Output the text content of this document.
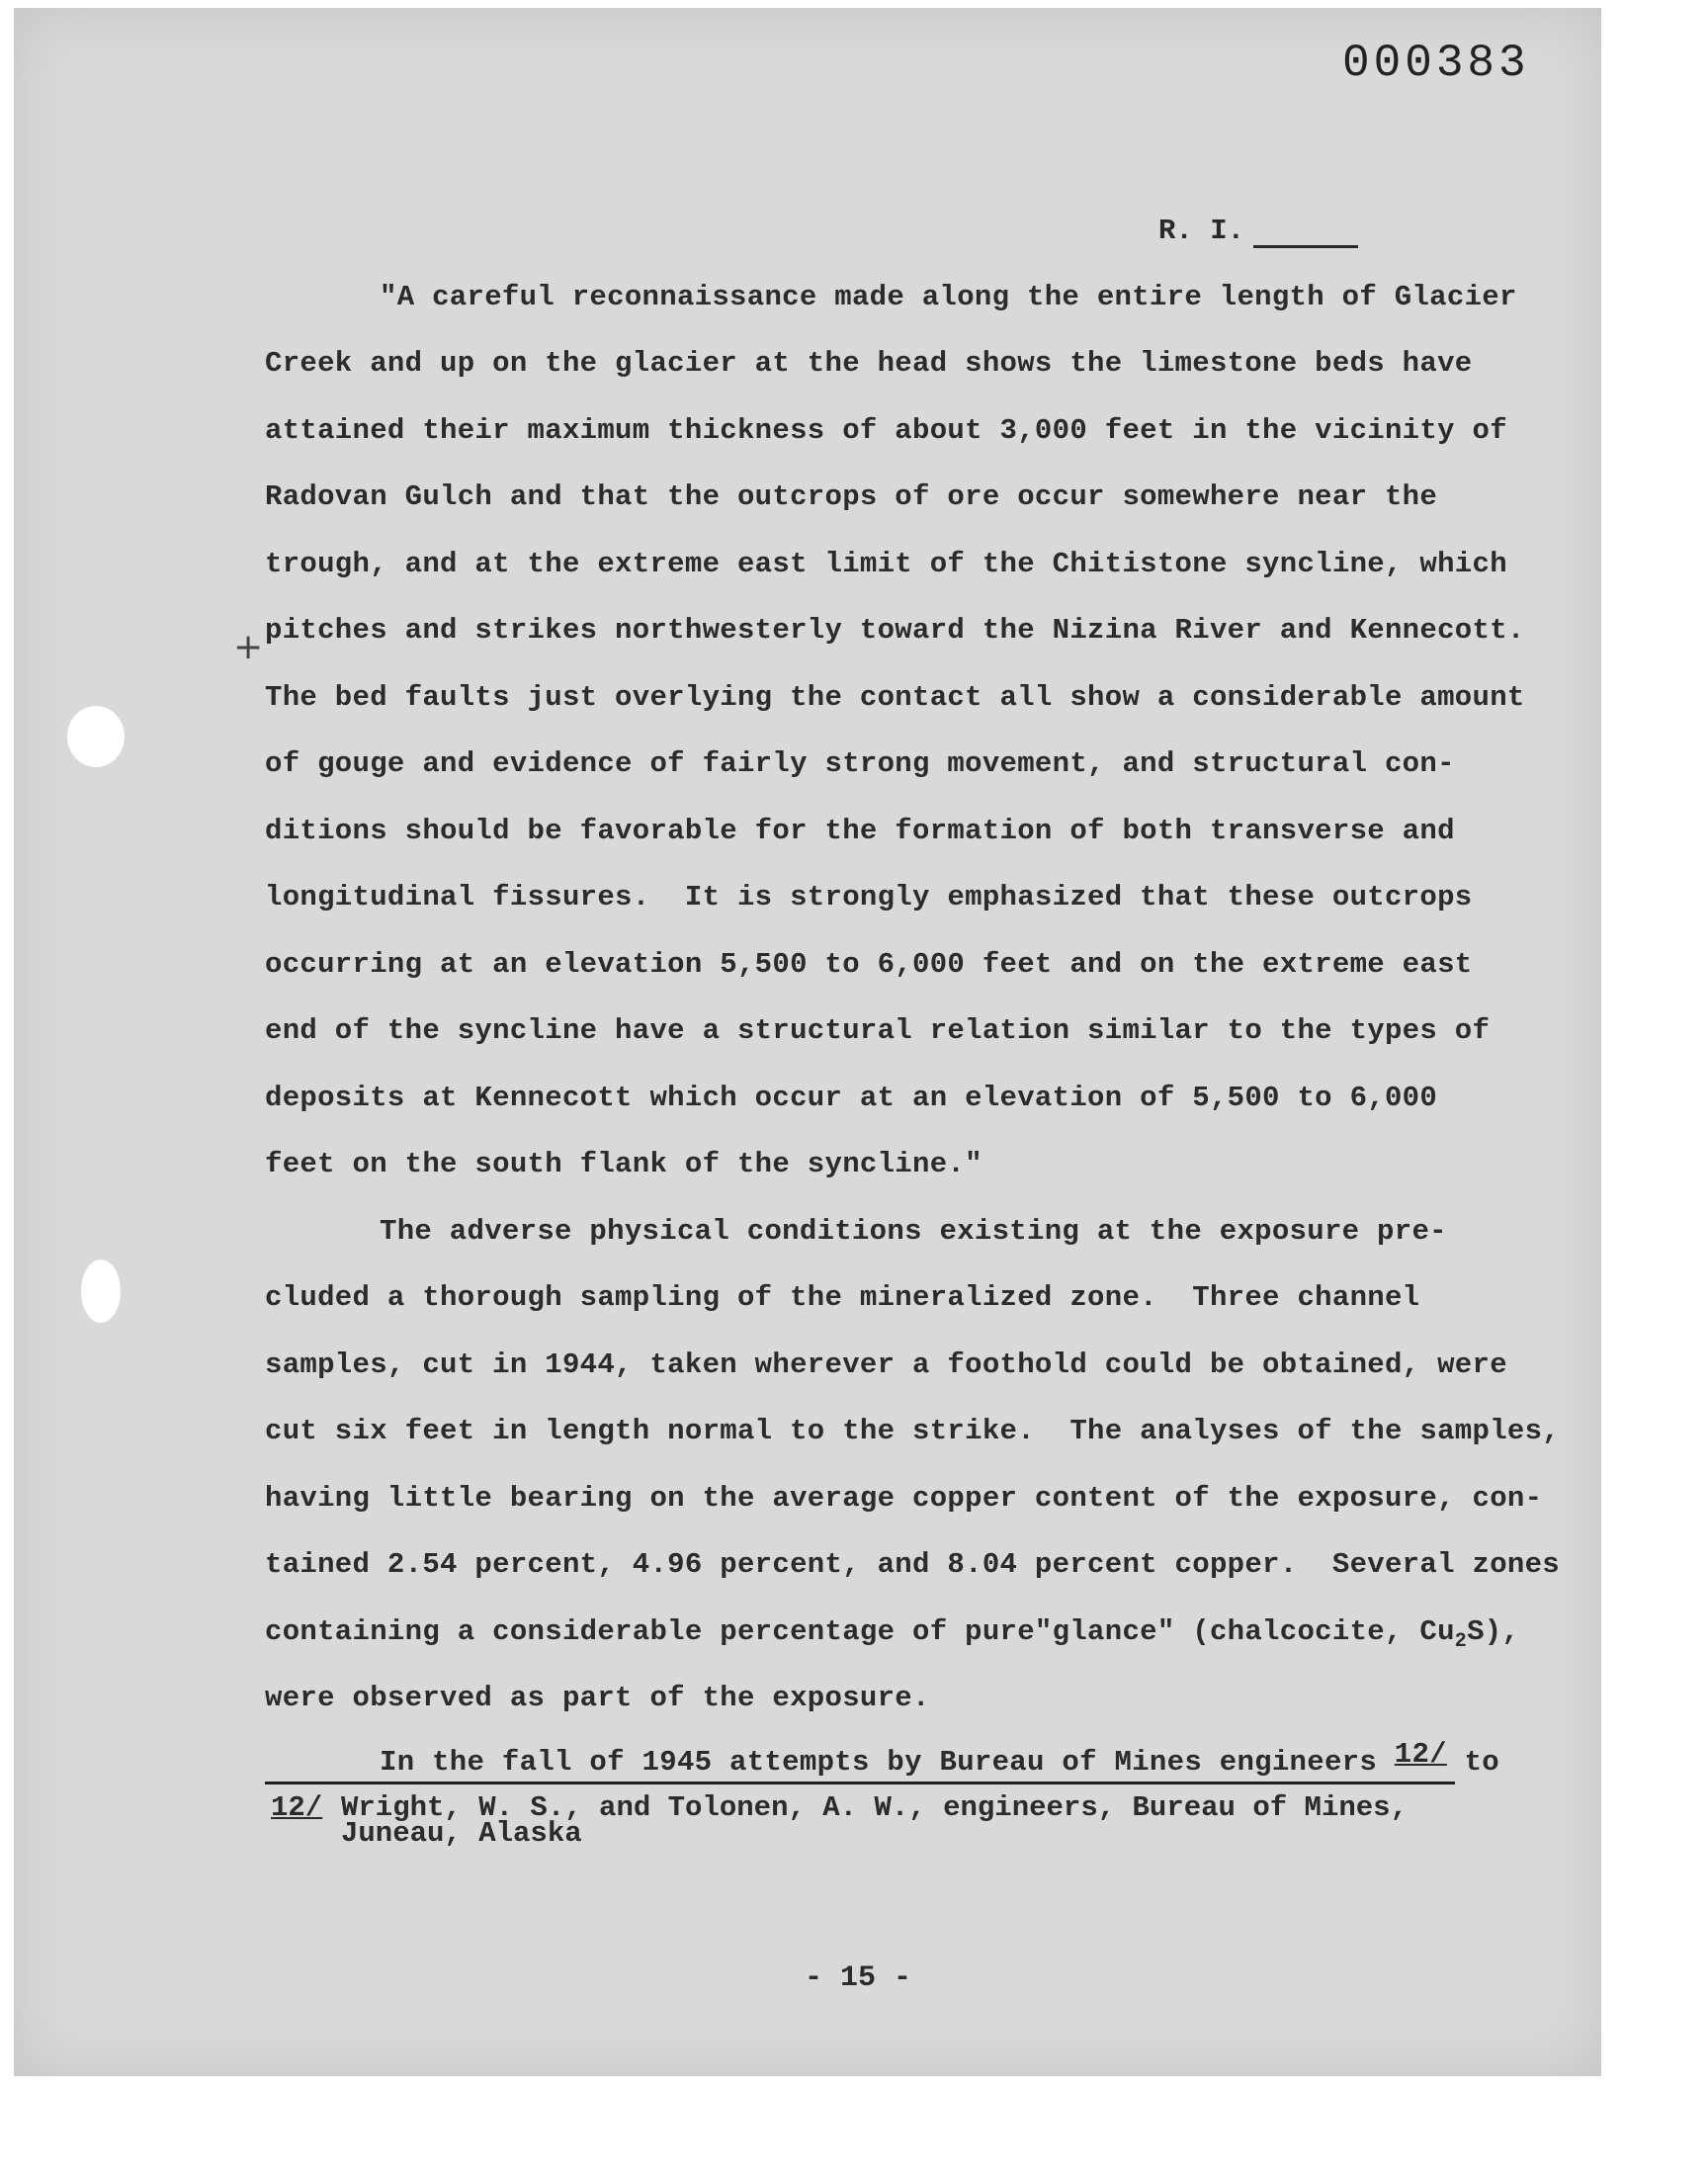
000383
R. I.
+
"A careful reconnaissance made along the entire length of Glacier
Creek and up on the glacier at the head shows the limestone beds have
attained their maximum thickness of about 3,000 feet in the vicinity of
Radovan Gulch and that the outcrops of ore occur somewhere near the
trough, and at the extreme east limit of the Chitistone syncline, which
pitches and strikes northwesterly toward the Nizina River and Kennecott.
The bed faults just overlying the contact all show a considerable amount
of gouge and evidence of fairly strong movement, and structural con-
ditions should be favorable for the formation of both transverse and
longitudinal fissures.  It is strongly emphasized that these outcrops
occurring at an elevation 5,500 to 6,000 feet and on the extreme east
end of the syncline have a structural relation similar to the types of
deposits at Kennecott which occur at an elevation of 5,500 to 6,000
feet on the south flank of the syncline."
The adverse physical conditions existing at the exposure pre-
cluded a thorough sampling of the mineralized zone.  Three channel
samples, cut in 1944, taken wherever a foothold could be obtained, were
cut six feet in length normal to the strike.  The analyses of the samples,
having little bearing on the average copper content of the exposure, con-
tained 2.54 percent, 4.96 percent, and 8.04 percent copper.  Several zones
containing a considerable percentage of pure"glance" (chalcocite, $Cu_2S$),
were observed as part of the exposure.
In the fall of 1945 attempts by Bureau of Mines engineers 12/ to
12/ Wright, W. S., and Tolonen, A. W., engineers, Bureau of Mines,
Juneau, Alaska
- 15 -
